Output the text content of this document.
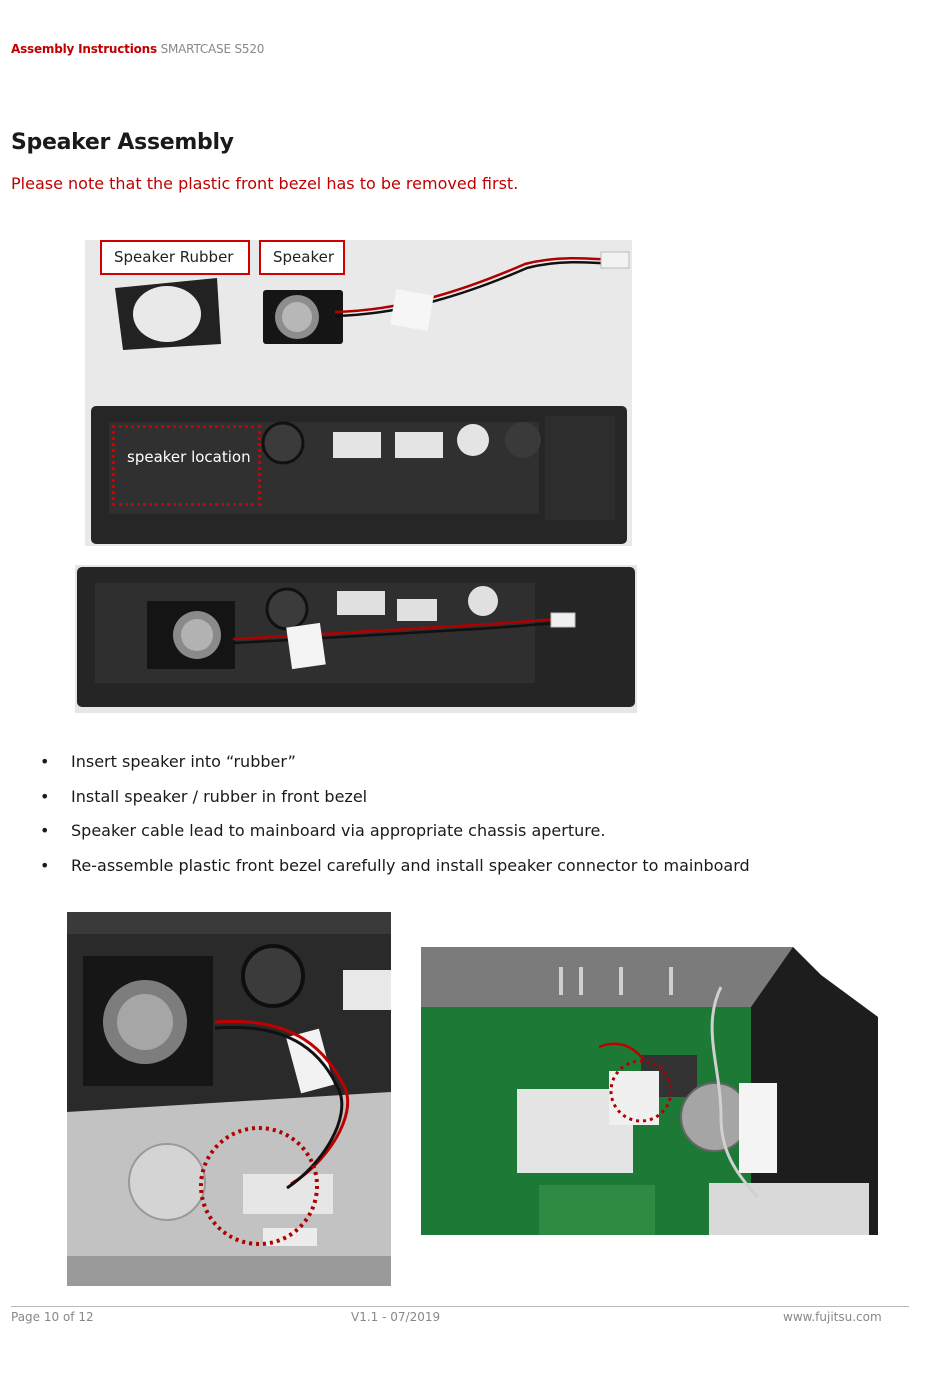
Assembly Instructions SMARTCASE S520
Speaker Assembly
Please note that the plastic front bezel has to be removed first.
Speaker Rubber	Speaker
speaker location
• Insert speaker into “rubber”
• Install speaker / rubber in front bezel
• Speaker cable lead to mainboard via appropriate chassis aperture.
• Re-assemble plastic front bezel carefully and install speaker connector to mainboard
Page 10 of 12	V1.1 - 07/2019	www.fujitsu.com
